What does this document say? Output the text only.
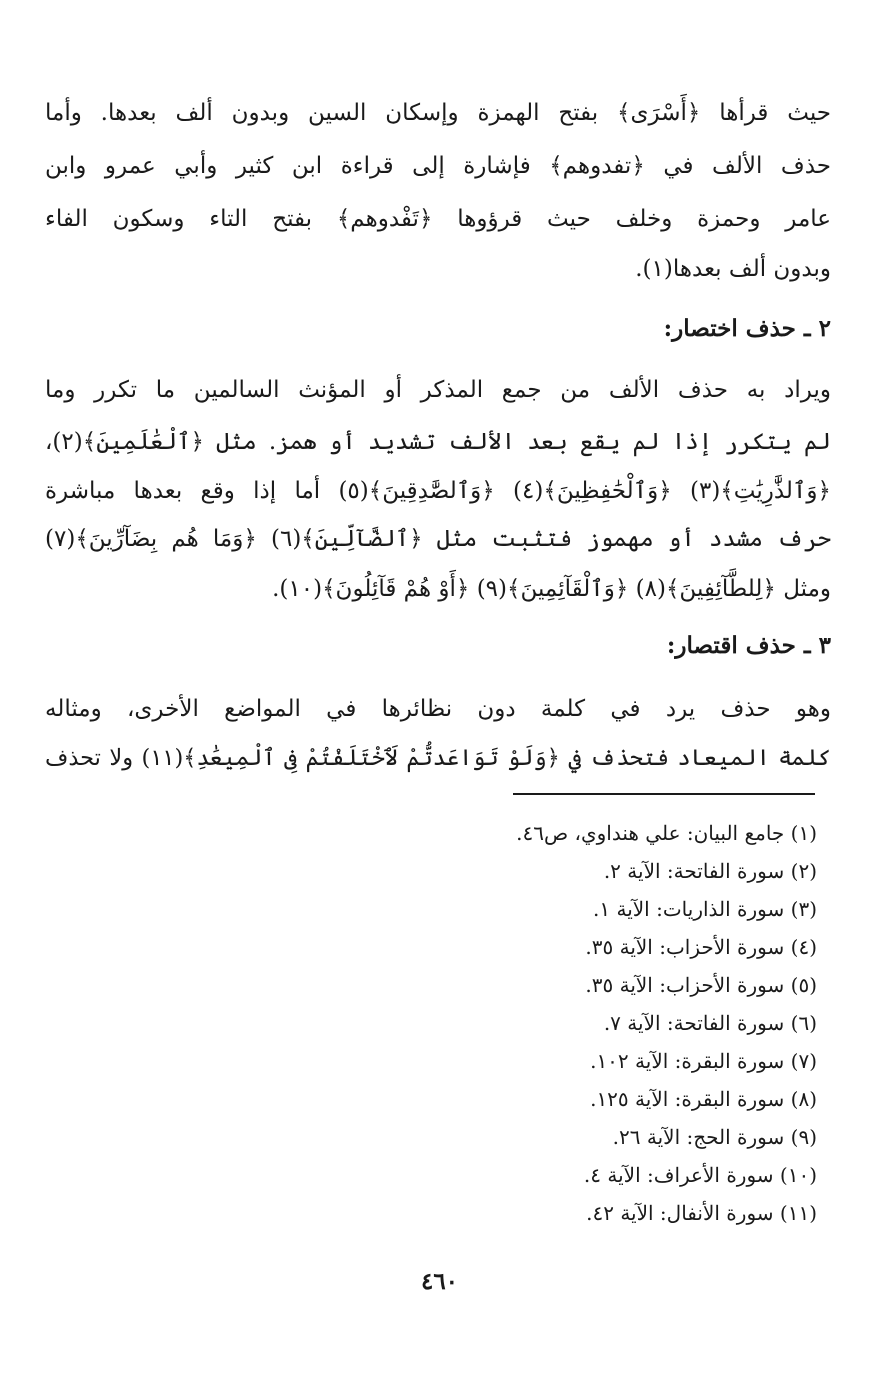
حيث قرأها ﴿أَسْرَى﴾ بفتح الهمزة وإسكان السين وبدون ألف بعدها. وأما
حذف الألف في ﴿تفدوهم﴾ فإشارة إلى قراءة ابن كثير وأبي عمرو وابن
عامر وحمزة وخلف حيث قرؤوها ﴿تَفْدوهم﴾ بفتح التاء وسكون الفاء
وبدون ألف بعدها(١).
٢ ـ حذف اختصار:
ويراد به حذف الألف من جمع المذكر أو المؤنث السالمين ما تكرر وما
لم يتكرر إذا لم يقع بعد الألف تشديد أو همز. مثل ﴿ٱلْعَٰلَمِينَ﴾(٢)،
﴿وَٱلذَّٰرِيَٰتِ﴾(٣) ﴿وَٱلْحَٰفِظِينَ﴾(٤) ﴿وَٱلصَّٰدِقِينَ﴾(٥) أما إذا وقع بعدها مباشرة
حرف مشدد أو مهموز فتثبت مثل ﴿ٱلضَّآلِّينَ﴾(٦) ﴿وَمَا هُم بِضَآرِّينَ﴾(٧)
ومثل ﴿لِلطَّآئِفِينَ﴾(٨) ﴿وَٱلْقَآئِمِينَ﴾(٩) ﴿أَوْ هُمْ قَآئِلُونَ﴾(١٠).
٣ ـ حذف اقتصار:
وهو حذف يرد في كلمة دون نظائرها في المواضع الأخرى، ومثاله
كلمة الميعاد فتحذف في ﴿وَلَوْ تَوَاعَدتُّمْ لَٱخْتَلَفْتُمْ فِى ٱلْمِيعَٰدِ﴾(١١) ولا تحذف
(١) جامع البيان: علي هنداوي، ص٤٦.
(٢) سورة الفاتحة: الآية ٢.
(٣) سورة الذاريات: الآية ١.
(٤) سورة الأحزاب: الآية ٣٥.
(٥) سورة الأحزاب: الآية ٣٥.
(٦) سورة الفاتحة: الآية ٧.
(٧) سورة البقرة: الآية ١٠٢.
(٨) سورة البقرة: الآية ١٢٥.
(٩) سورة الحج: الآية ٢٦.
(١٠) سورة الأعراف: الآية ٤.
(١١) سورة الأنفال: الآية ٤٢.
٤٦٠
